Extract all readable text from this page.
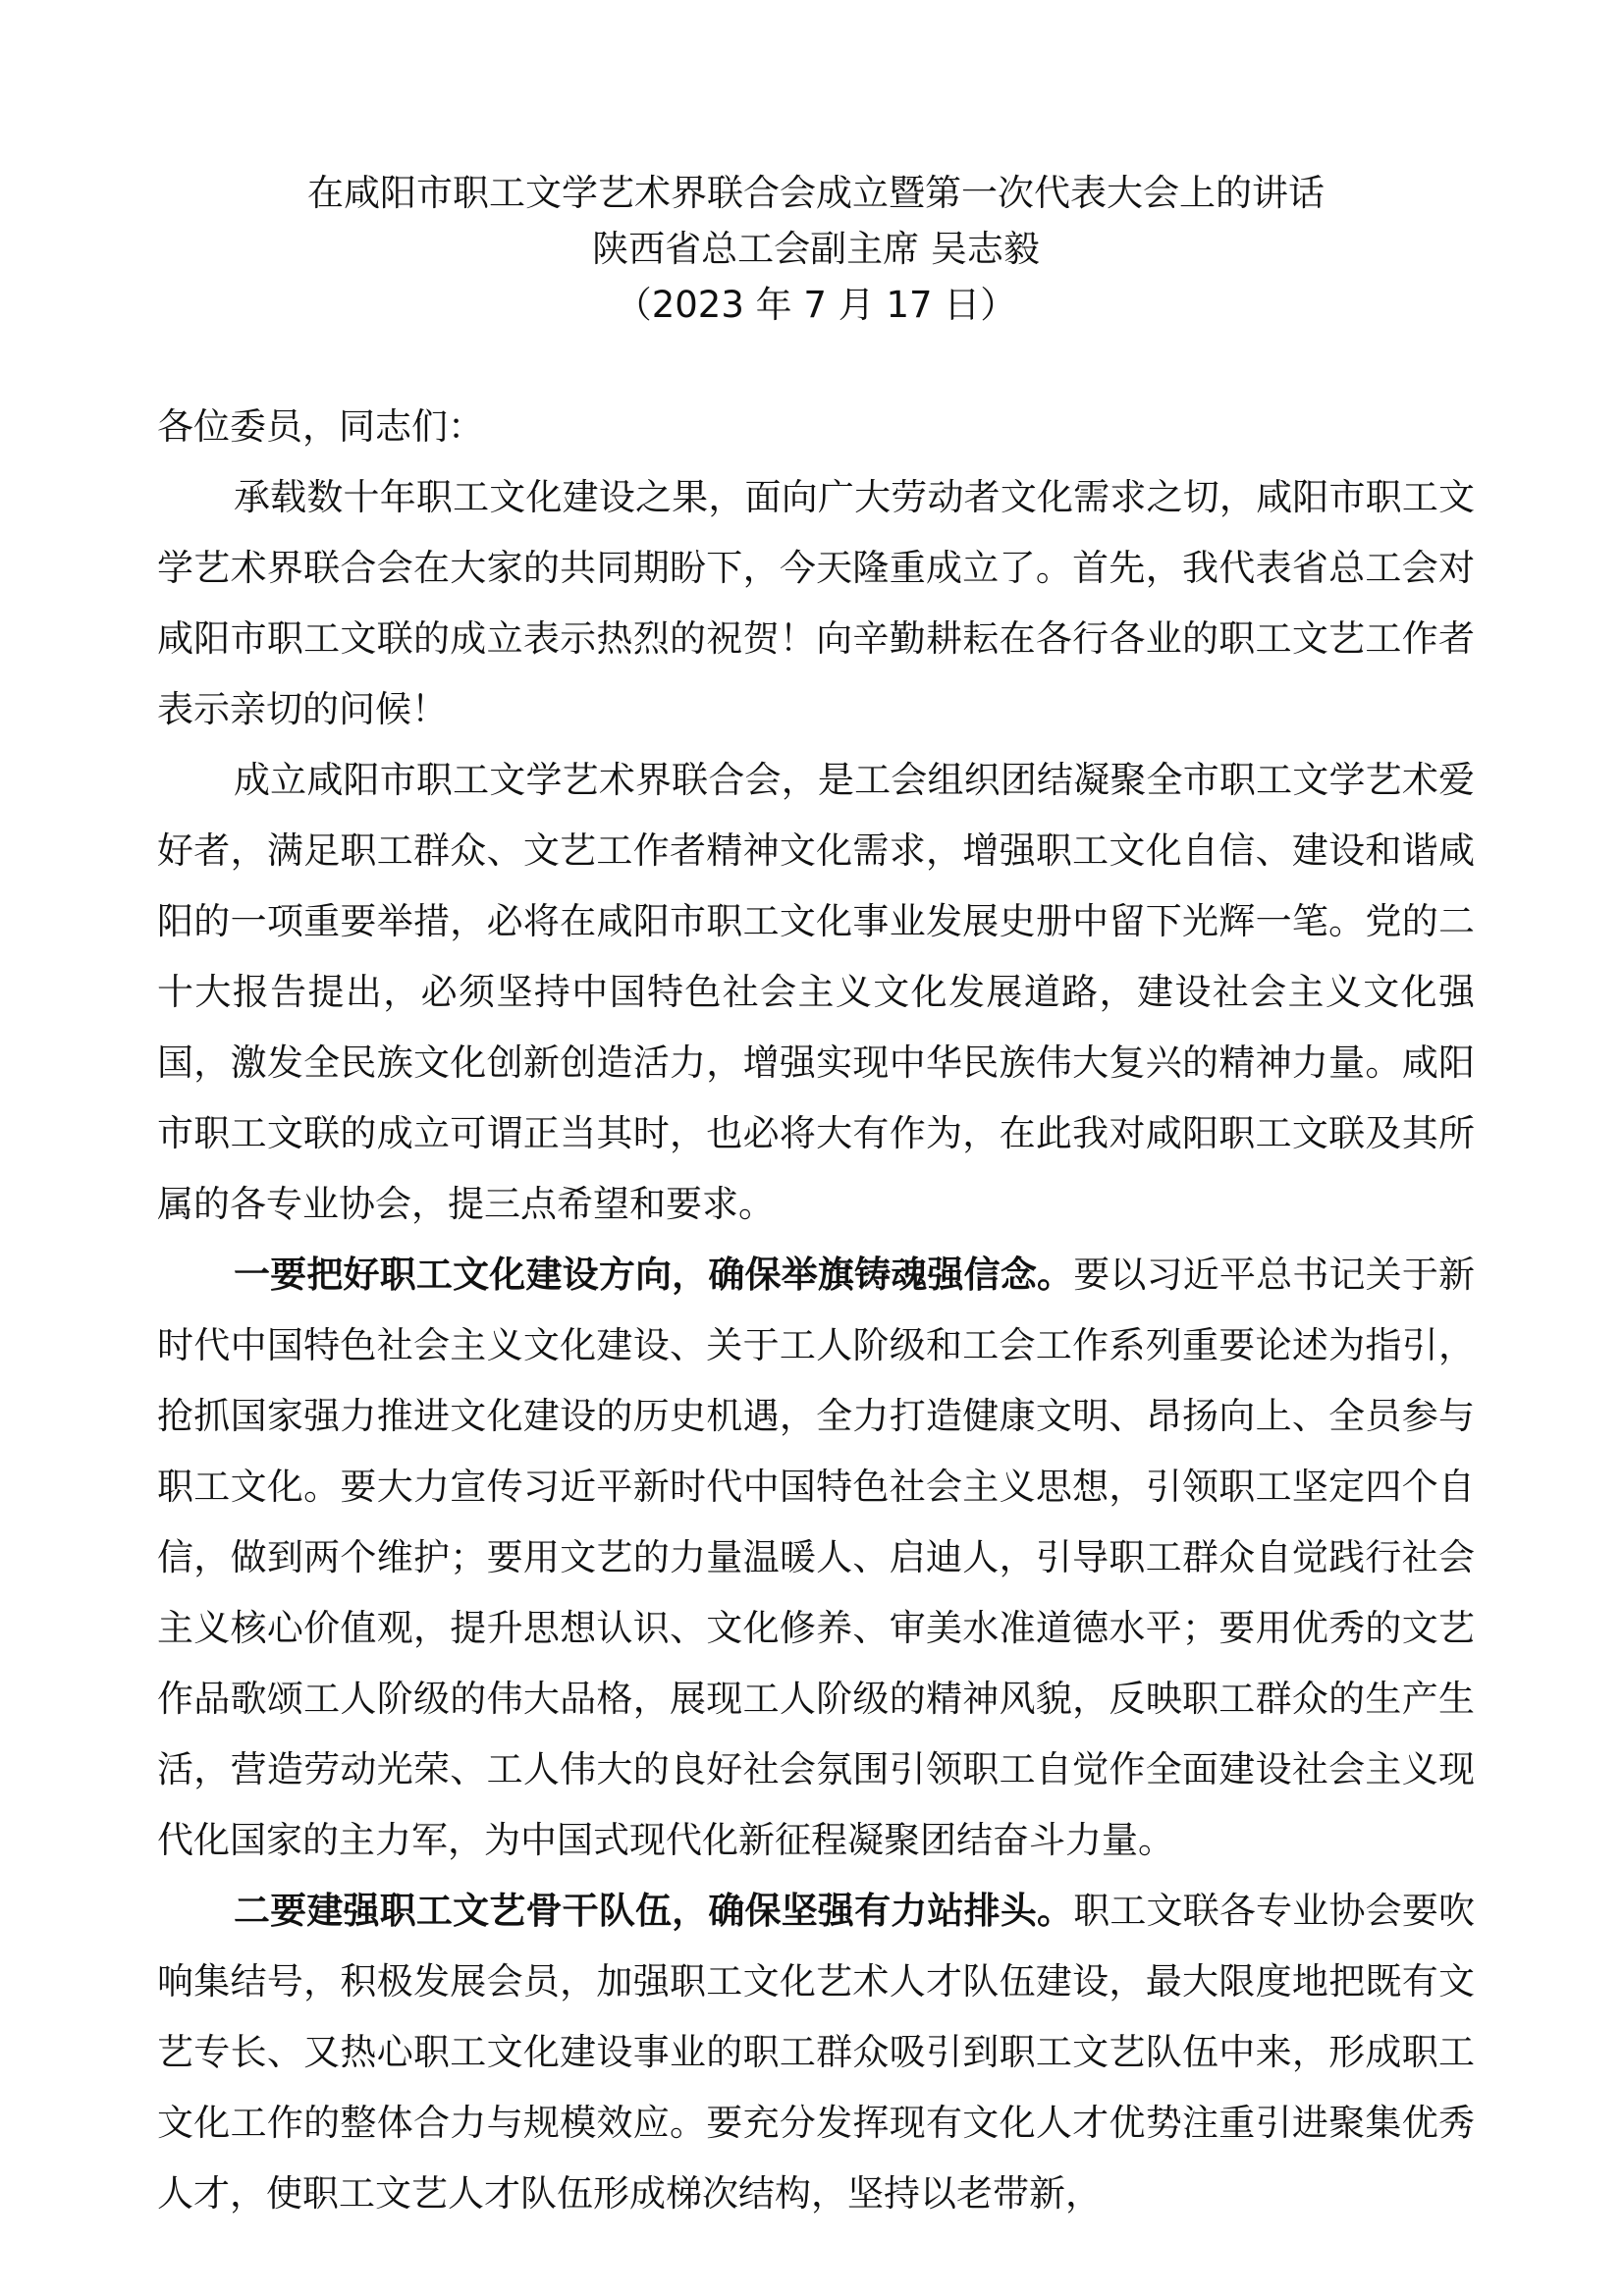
在咸阳市职工文学艺术界联合会成立暨第一次代表大会上的讲话
陕西省总工会副主席 吴志毅
（2023 年 7 月 17 日）

各位委员，同志们：

承载数十年职工文化建设之果，面向广大劳动者文化需求之切，咸阳市职工文学艺术界联合会在大家的共同期盼下，今天隆重成立了。首先，我代表省总工会对咸阳市职工文联的成立表示热烈的祝贺！向辛勤耕耘在各行各业的职工文艺工作者表示亲切的问候！

成立咸阳市职工文学艺术界联合会，是工会组织团结凝聚全市职工文学艺术爱好者，满足职工群众、文艺工作者精神文化需求，增强职工文化自信、建设和谐咸阳的一项重要举措，必将在咸阳市职工文化事业发展史册中留下光辉一笔。党的二十大报告提出，必须坚持中国特色社会主义文化发展道路，建设社会主义文化强国，激发全民族文化创新创造活力，增强实现中华民族伟大复兴的精神力量。咸阳市职工文联的成立可谓正当其时，也必将大有作为，在此我对咸阳职工文联及其所属的各专业协会，提三点希望和要求。

一要把好职工文化建设方向，确保举旗铸魂强信念。要以习近平总书记关于新时代中国特色社会主义文化建设、关于工人阶级和工会工作系列重要论述为指引，抢抓国家强力推进文化建设的历史机遇，全力打造健康文明、昂扬向上、全员参与职工文化。要大力宣传习近平新时代中国特色社会主义思想，引领职工坚定四个自信，做到两个维护；要用文艺的力量温暖人、启迪人，引导职工群众自觉践行社会主义核心价值观，提升思想认识、文化修养、审美水准道德水平；要用优秀的文艺作品歌颂工人阶级的伟大品格，展现工人阶级的精神风貌，反映职工群众的生产生活，营造劳动光荣、工人伟大的良好社会氛围引领职工自觉作全面建设社会主义现代化国家的主力军，为中国式现代化新征程凝聚团结奋斗力量。

二要建强职工文艺骨干队伍，确保坚强有力站排头。职工文联各专业协会要吹响集结号，积极发展会员，加强职工文化艺术人才队伍建设，最大限度地把既有文艺专长、又热心职工文化建设事业的职工群众吸引到职工文艺队伍中来，形成职工文化工作的整体合力与规模效应。要充分发挥现有文化人才优势注重引进聚集优秀人才，使职工文艺人才队伍形成梯次结构，坚持以老带新，
